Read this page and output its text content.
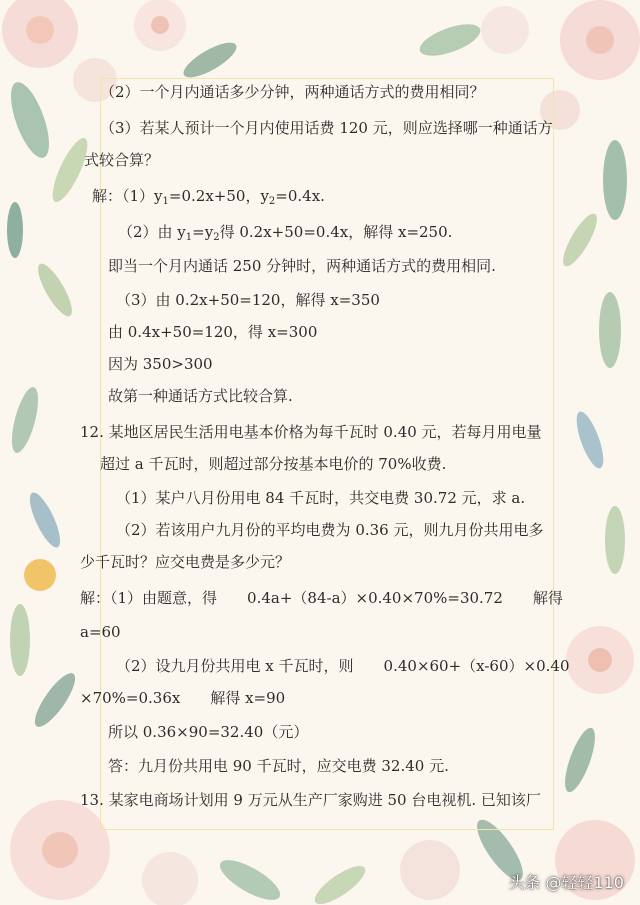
（2）一个月内通话多少分钟，两种通话方式的费用相同？
（3）若某人预计一个月内使用话费 120 元，则应选择哪一种通话方
式较合算？
解：$(1)y_1=0.2x+50$，$y_2=0.4x$.
（2）由 $y_1=y_2$得 0.2x+50=0.4x，解得 x=250.
即当一个月内通话 250 分钟时，两种通话方式的费用相同.
（3）由 0.2x+50=120，解得 x=350
由 0.4x+50=120，得 x=300
因为 350>300
故第一种通话方式比较合算.
12. 某地区居民生活用电基本价格为每千瓦时 0.40 元，若每月用电量
超过 a 千瓦时，则超过部分按基本电价的 70%收费.
（1）某户八月份用电 84 千瓦时，共交电费 30.72 元，求 a.
（2）若该用户九月份的平均电费为 0.36 元，则九月份共用电多
少千瓦时？应交电费是多少元？
解：（1）由题意，得　　0.4a+（84-a）×0.40×70%=30.72　　解得
a=60
（2）设九月份共用电 x 千瓦时，则　　0.40×60+（x-60）×0.40
×70%=0.36x　　解得 x=90
所以 0.36×90=32.40（元）
答：九月份共用电 90 千瓦时，应交电费 32.40 元.
13. 某家电商场计划用 9 万元从生产厂家购进 50 台电视机. 已知该厂
头条 @轻轻110
